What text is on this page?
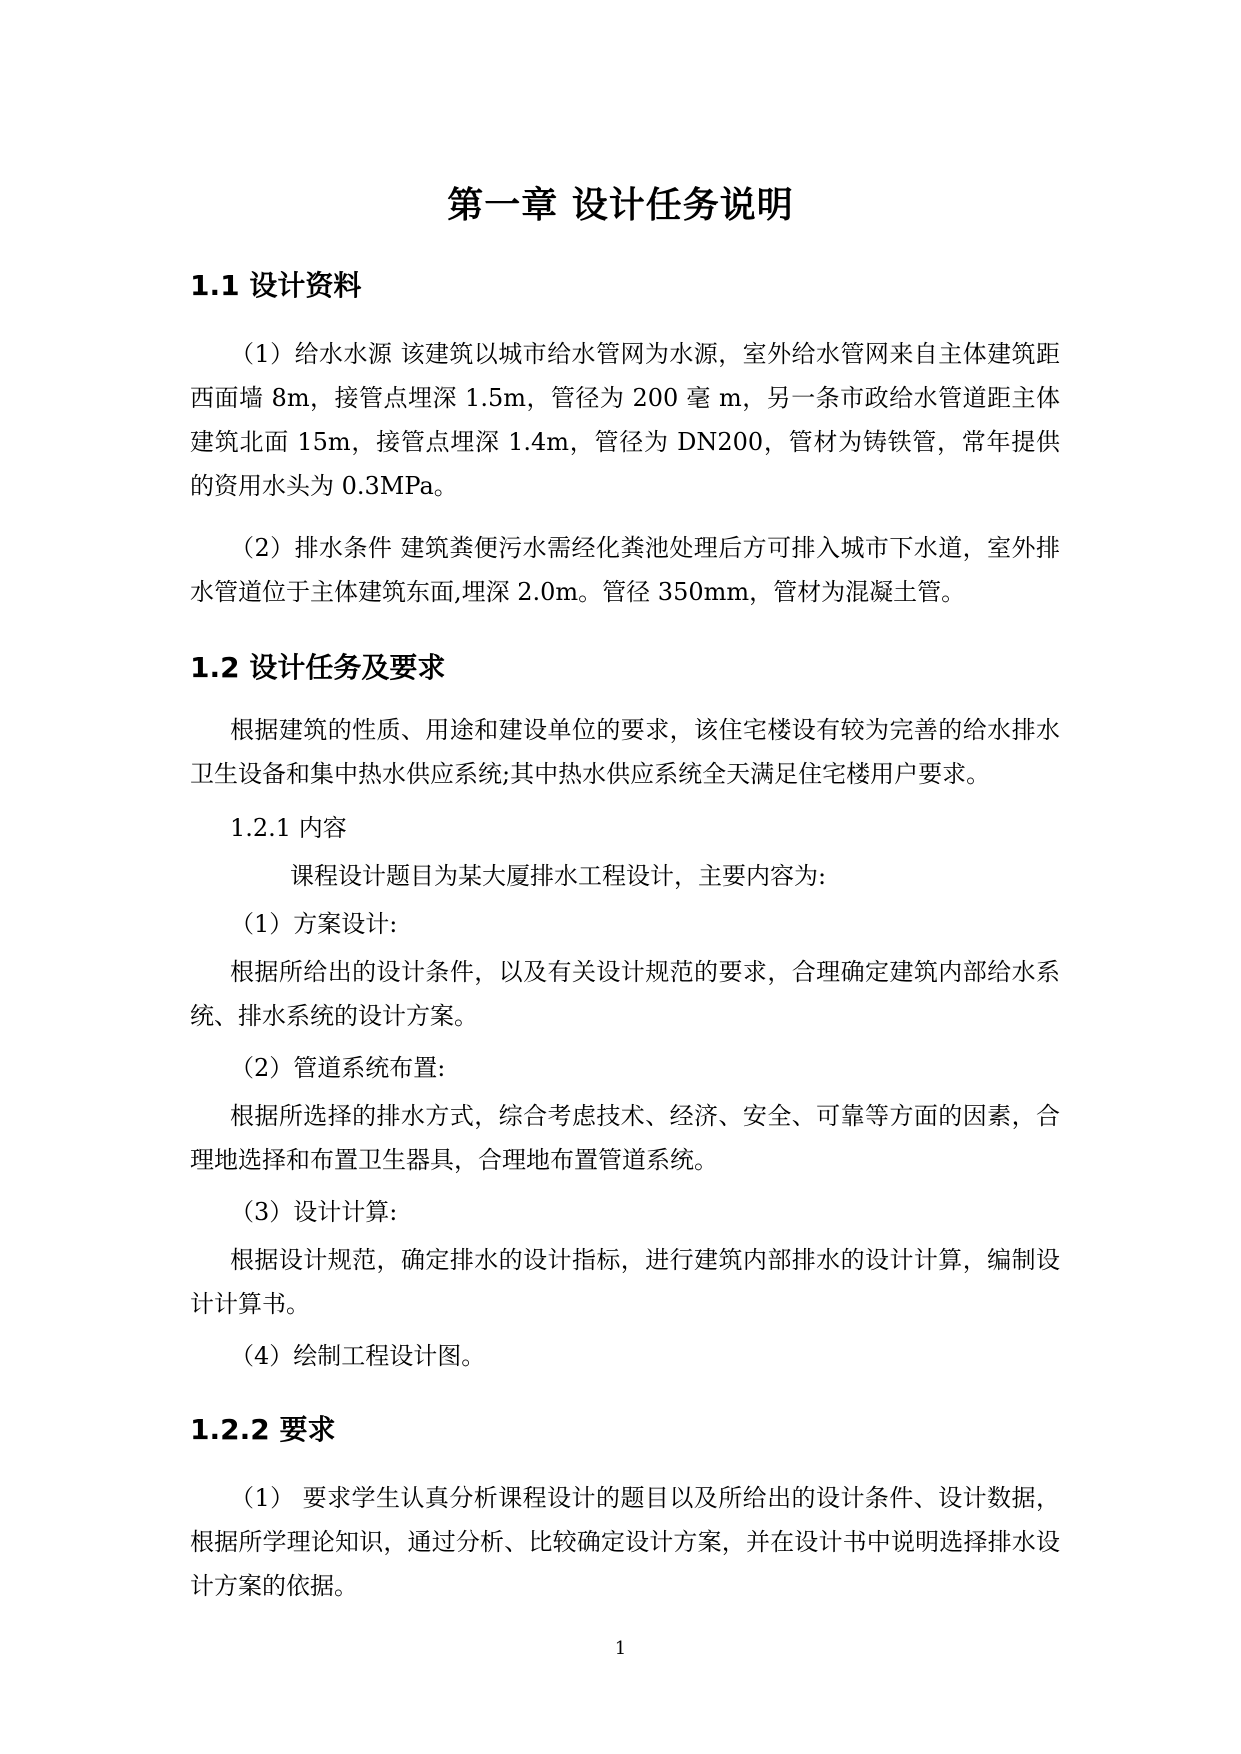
第一章 设计任务说明
1.1 设计资料
（1）给水水源 该建筑以城市给水管网为水源，室外给水管网来自主体建筑距西面墙 8m，接管点埋深 1.5m，管径为 200 毫 m，另一条市政给水管道距主体建筑北面 15m，接管点埋深 1.4m，管径为 DN200，管材为铸铁管，常年提供的资用水头为 0.3MPa。
（2）排水条件 建筑粪便污水需经化粪池处理后方可排入城市下水道，室外排水管道位于主体建筑东面,埋深 2.0m。管径 350mm，管材为混凝土管。
1.2 设计任务及要求
根据建筑的性质、用途和建设单位的要求，该住宅楼设有较为完善的给水排水卫生设备和集中热水供应系统;其中热水供应系统全天满足住宅楼用户要求。
1.2.1 内容
课程设计题目为某大厦排水工程设计，主要内容为:
（1）方案设计:
根据所给出的设计条件，以及有关设计规范的要求，合理确定建筑内部给水系统、排水系统的设计方案。
（2）管道系统布置:
根据所选择的排水方式，综合考虑技术、经济、安全、可靠等方面的因素，合理地选择和布置卫生器具，合理地布置管道系统。
（3）设计计算:
根据设计规范，确定排水的设计指标，进行建筑内部排水的设计计算，编制设计计算书。
（4）绘制工程设计图。
1.2.2 要求
（1） 要求学生认真分析课程设计的题目以及所给出的设计条件、设计数据，根据所学理论知识，通过分析、比较确定设计方案，并在设计书中说明选择排水设计方案的依据。
1
